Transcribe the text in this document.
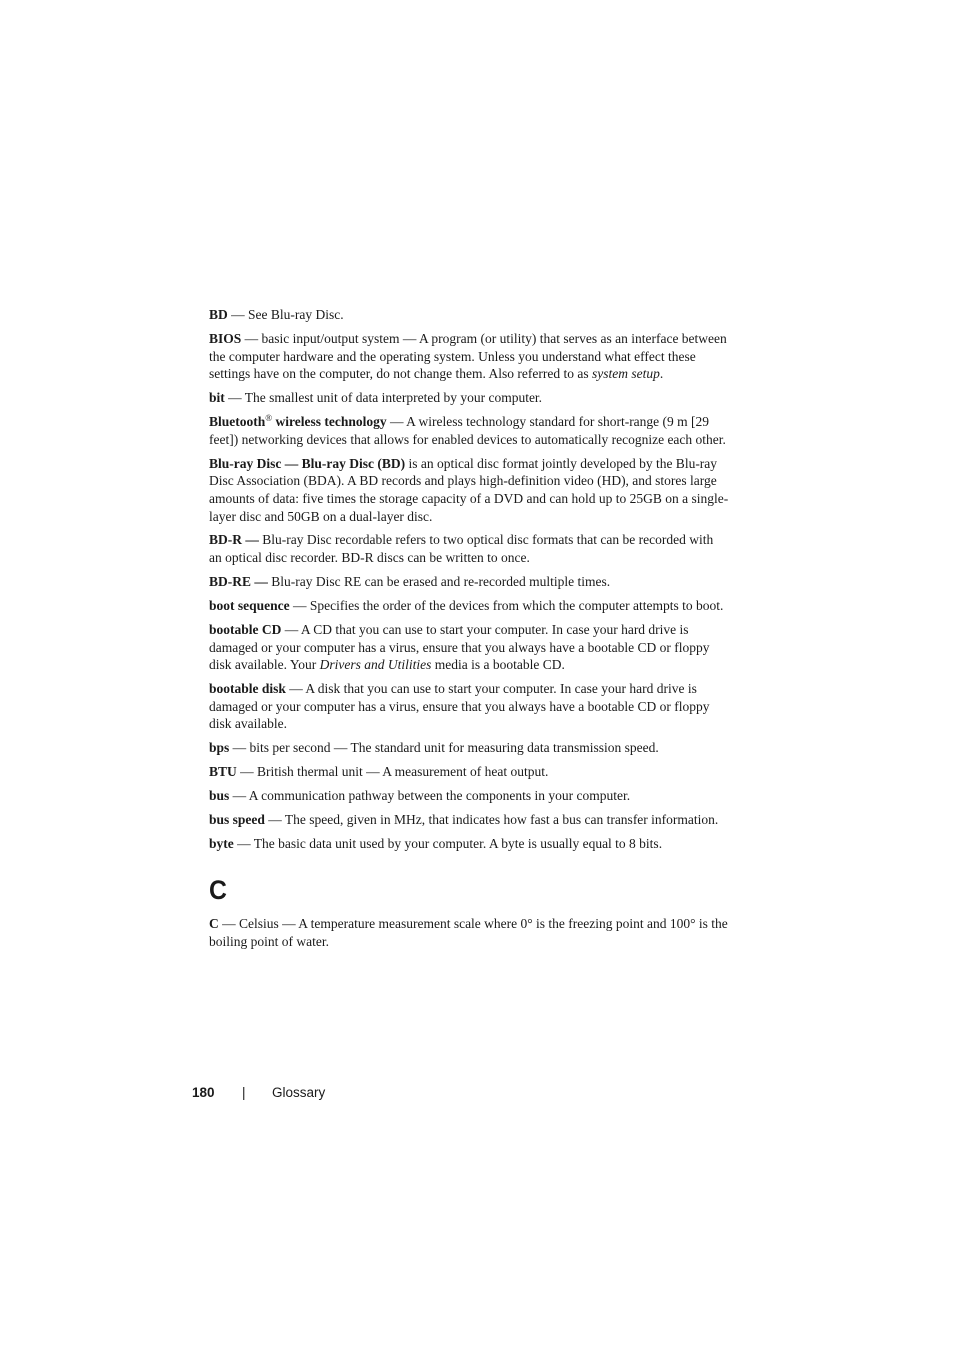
BD — See Blu-ray Disc.
BIOS — basic input/output system — A program (or utility) that serves as an interface between the computer hardware and the operating system. Unless you understand what effect these settings have on the computer, do not change them. Also referred to as system setup.
bit — The smallest unit of data interpreted by your computer.
Bluetooth® wireless technology — A wireless technology standard for short-range (9 m [29 feet]) networking devices that allows for enabled devices to automatically recognize each other.
Blu-ray Disc — Blu-ray Disc (BD) is an optical disc format jointly developed by the Blu-ray Disc Association (BDA). A BD records and plays high-definition video (HD), and stores large amounts of data: five times the storage capacity of a DVD and can hold up to 25GB on a single-layer disc and 50GB on a dual-layer disc.
BD-R — Blu-ray Disc recordable refers to two optical disc formats that can be recorded with an optical disc recorder. BD-R discs can be written to once.
BD-RE — Blu-ray Disc RE can be erased and re-recorded multiple times.
boot sequence — Specifies the order of the devices from which the computer attempts to boot.
bootable CD — A CD that you can use to start your computer. In case your hard drive is damaged or your computer has a virus, ensure that you always have a bootable CD or floppy disk available. Your Drivers and Utilities media is a bootable CD.
bootable disk — A disk that you can use to start your computer. In case your hard drive is damaged or your computer has a virus, ensure that you always have a bootable CD or floppy disk available.
bps — bits per second — The standard unit for measuring data transmission speed.
BTU — British thermal unit — A measurement of heat output.
bus — A communication pathway between the components in your computer.
bus speed — The speed, given in MHz, that indicates how fast a bus can transfer information.
byte — The basic data unit used by your computer. A byte is usually equal to 8 bits.
C
C — Celsius — A temperature measurement scale where 0° is the freezing point and 100° is the boiling point of water.
180 | Glossary
